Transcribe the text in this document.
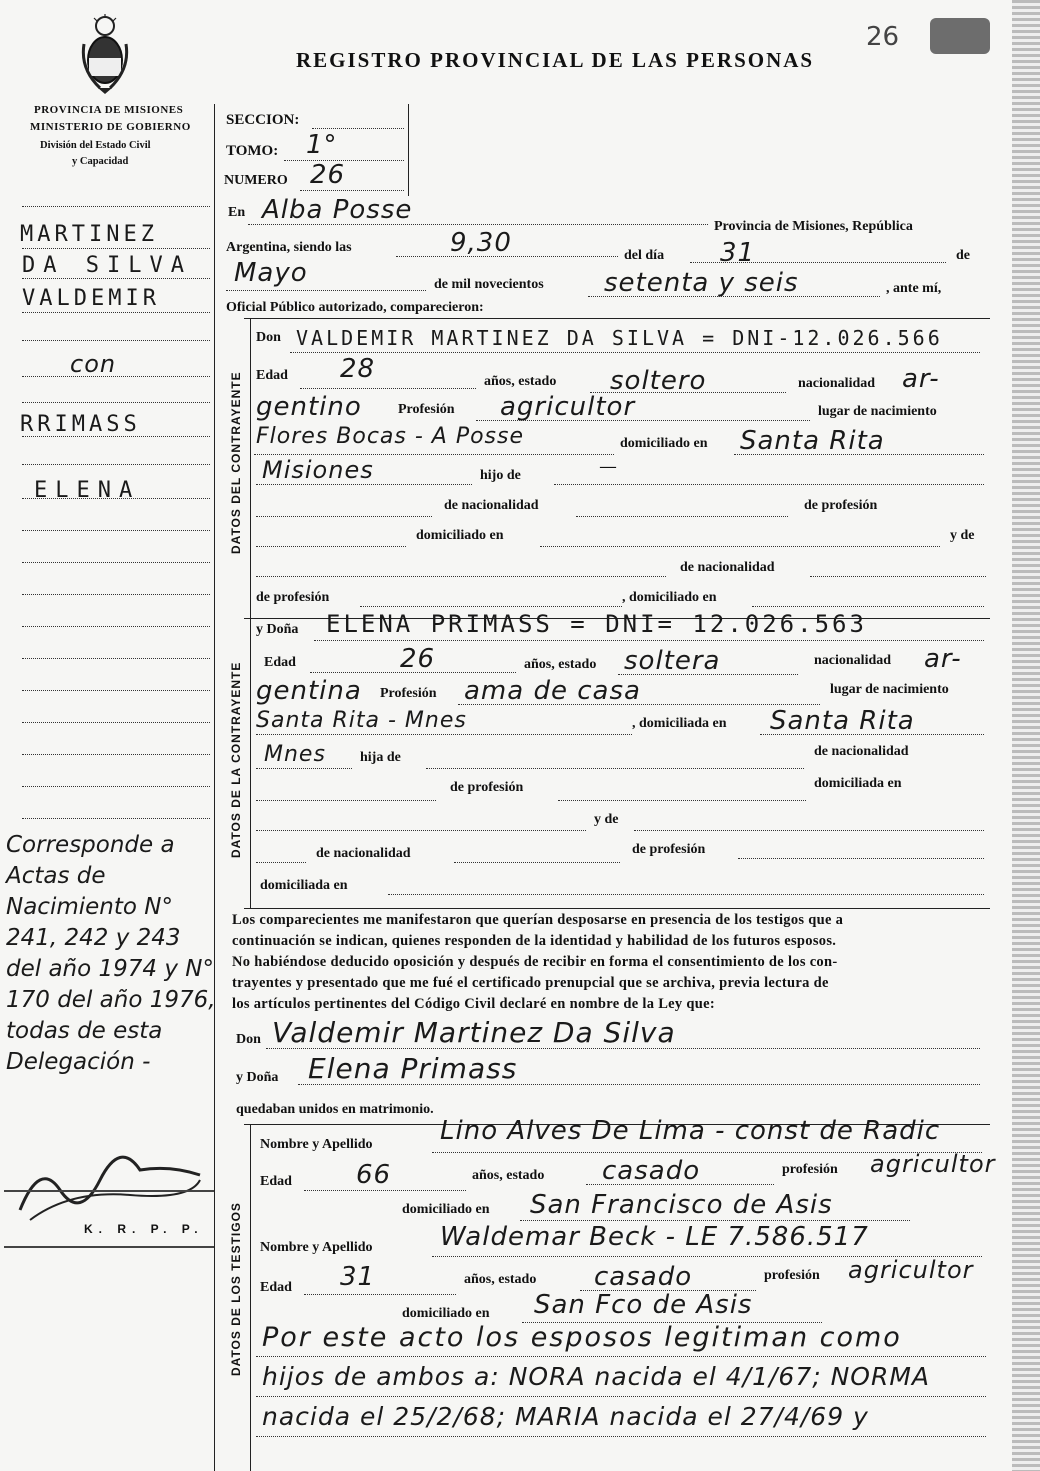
REGISTRO PROVINCIAL DE LAS PERSONAS
26
PROVINCIA DE MISIONES
MINISTERIO DE GOBIERNO
División del Estado Civil
y Capacidad
MARTINEZ
DA SILVA
VALDEMIR
con
RRIMASS
ELENA
Corresponde a Actas de Nacimiento N° 241, 242 y 243 del año 1974 y N° 170 del año 1976, todas de esta Delegación -
K. R. P. P.
SECCION:
TOMO: 1°
NUMERO 26
En Alba Posse
Provincia de Misiones, República
Argentina, siendo las	9,30	del día 31	de
Mayo	de mil novecientos setenta y seis	, ante mí,
Oficial Público autorizado, comparecieron:
DATOS DEL CONTRAYENTE
Don VALDEMIR MARTINEZ DA SILVA = DNI-12.026.566
Edad 28	años, estado soltero	nacionalidad ar-
gentino	Profesión agricultor	lugar de nacimiento
Flores Bocas - A Posse	domiciliado en Santa Rita
Misiones	hijo de
—
de nacionalidad	de profesión
domiciliado en	y de
de nacionalidad
de profesión	, domiciliado en
DATOS DE LA CONTRAYENTE
y Doña ELENA PRIMASS = DNI= 12.026.563
Edad	26	años, estado soltera	nacionalidad ar-
gentina Profesión ama de casa	lugar de nacimiento
Santa Rita - Mnes	, domiciliada en Santa Rita
Mnes hija de	de nacionalidad
de profesión	domiciliada en
y de
de nacionalidad	de profesión
domiciliada en
Los comparecientes me manifestaron que querían desposarse en presencia de los testigos que a
continuación se indican, quienes responden de la identidad y habilidad de los futuros esposos.
No habiéndose deducido oposición y después de recibir en forma el consentimiento de los con-
trayentes y presentado que me fué el certificado prenupcial que se archiva, previa lectura de
los artículos pertinentes del Código Civil declaré en nombre de la Ley que:
Don Valdemir Martinez Da Silva
y Doña Elena Primass
quedaban unidos en matrimonio.
DATOS DE LOS TESTIGOS
Nombre y Apellido	Lino Alves De Lima - const de Radic
Edad 66	años, estado casado	profesión agricultor
domiciliado en San Francisco de Asis
Nombre y Apellido	Waldemar Beck - LE 7.586.517
Edad 31	años, estado casado	profesión agricultor
domiciliado en San Fco de Asis
Por este acto los esposos legitiman como
hijos de ambos a: NORA nacida el 4/1/67; NORMA
nacida el 25/2/68; MARIA nacida el 27/4/69 y
